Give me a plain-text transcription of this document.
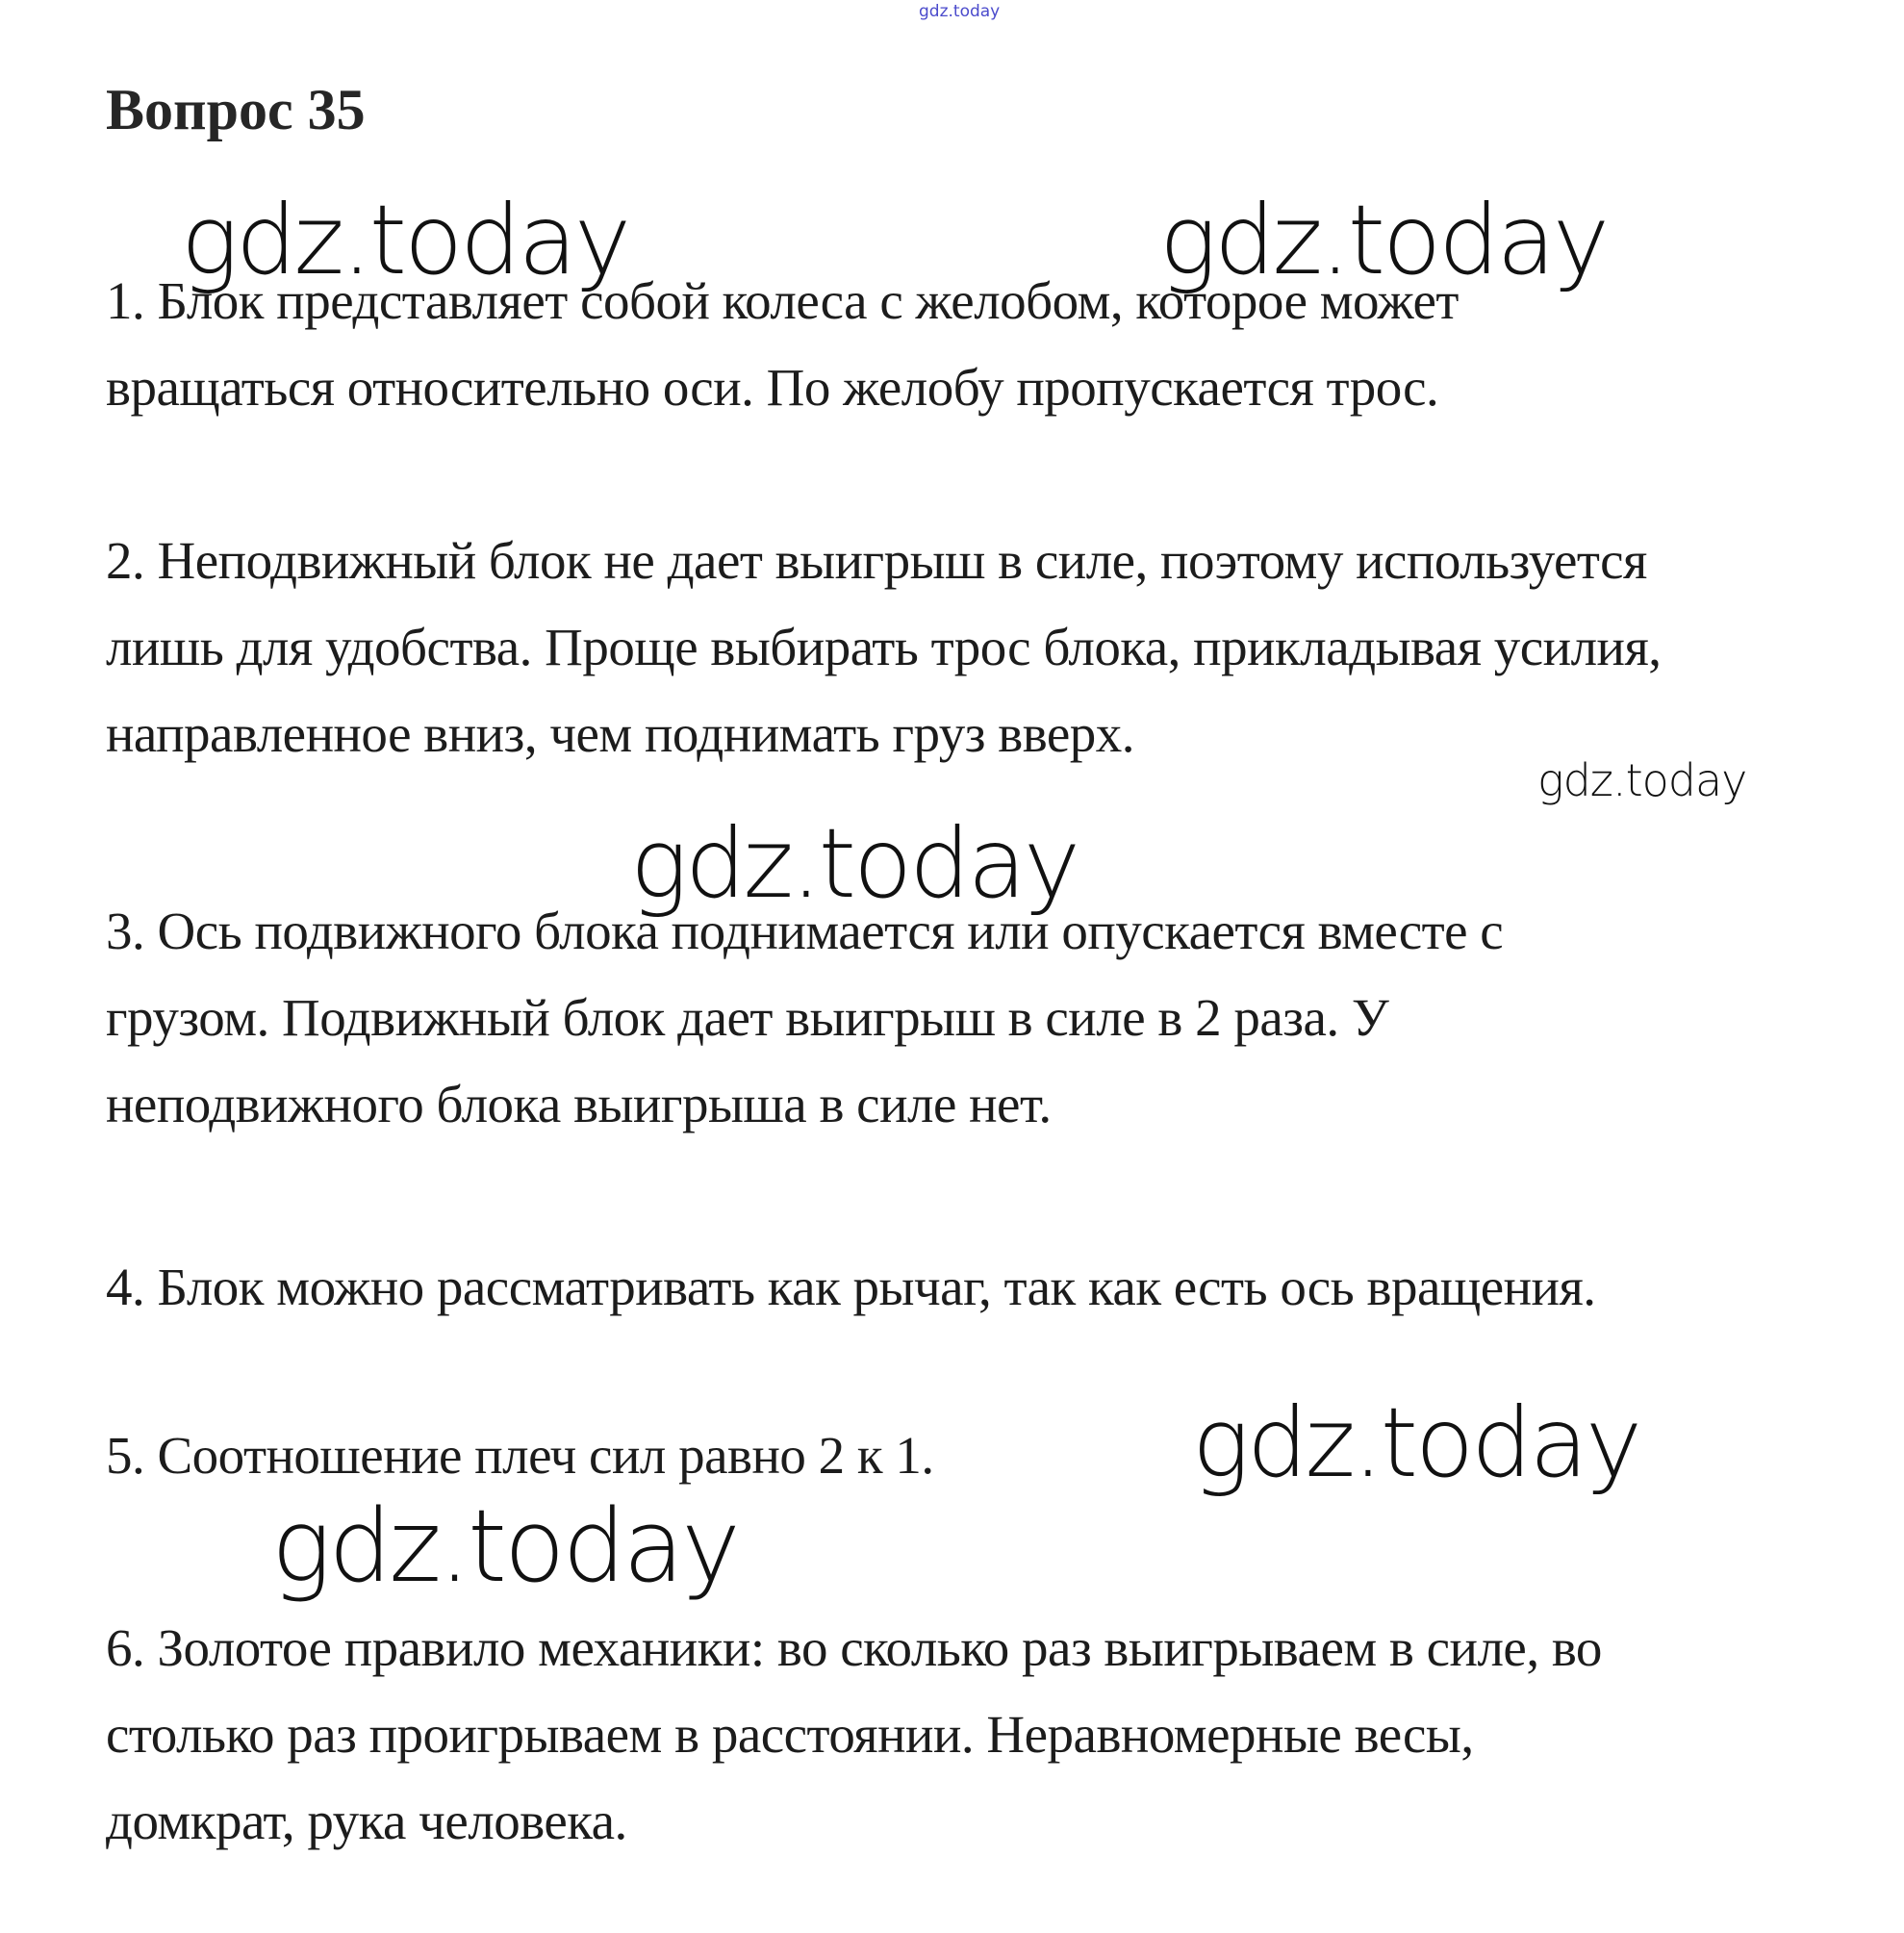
gdz.today
Вопрос 35
gdz.today	gdz.today
1. Блок представляет собой колеса с желобом, которое может
вращаться относительно оси. По желобу пропускается трос.
2. Неподвижный блок не дает выигрыш в силе, поэтому используется
лишь для удобства. Проще выбирать трос блока, прикладывая усилия,
направленное вниз, чем поднимать груз вверх.
gdz.today
gdz.today
3. Ось подвижного блока поднимается или опускается вместе с
грузом. Подвижный блок дает выигрыш в силе в 2 раза. У
неподвижного блока выигрыша в силе нет.
4. Блок можно рассматривать как рычаг, так как есть ось вращения.
gdz.today
5. Соотношение плеч сил равно 2 к 1.
gdz.today
6. Золотое правило механики: во сколько раз выигрываем в силе, во
столько раз проигрываем в расстоянии. Неравномерные весы,
домкрат, рука человека.
